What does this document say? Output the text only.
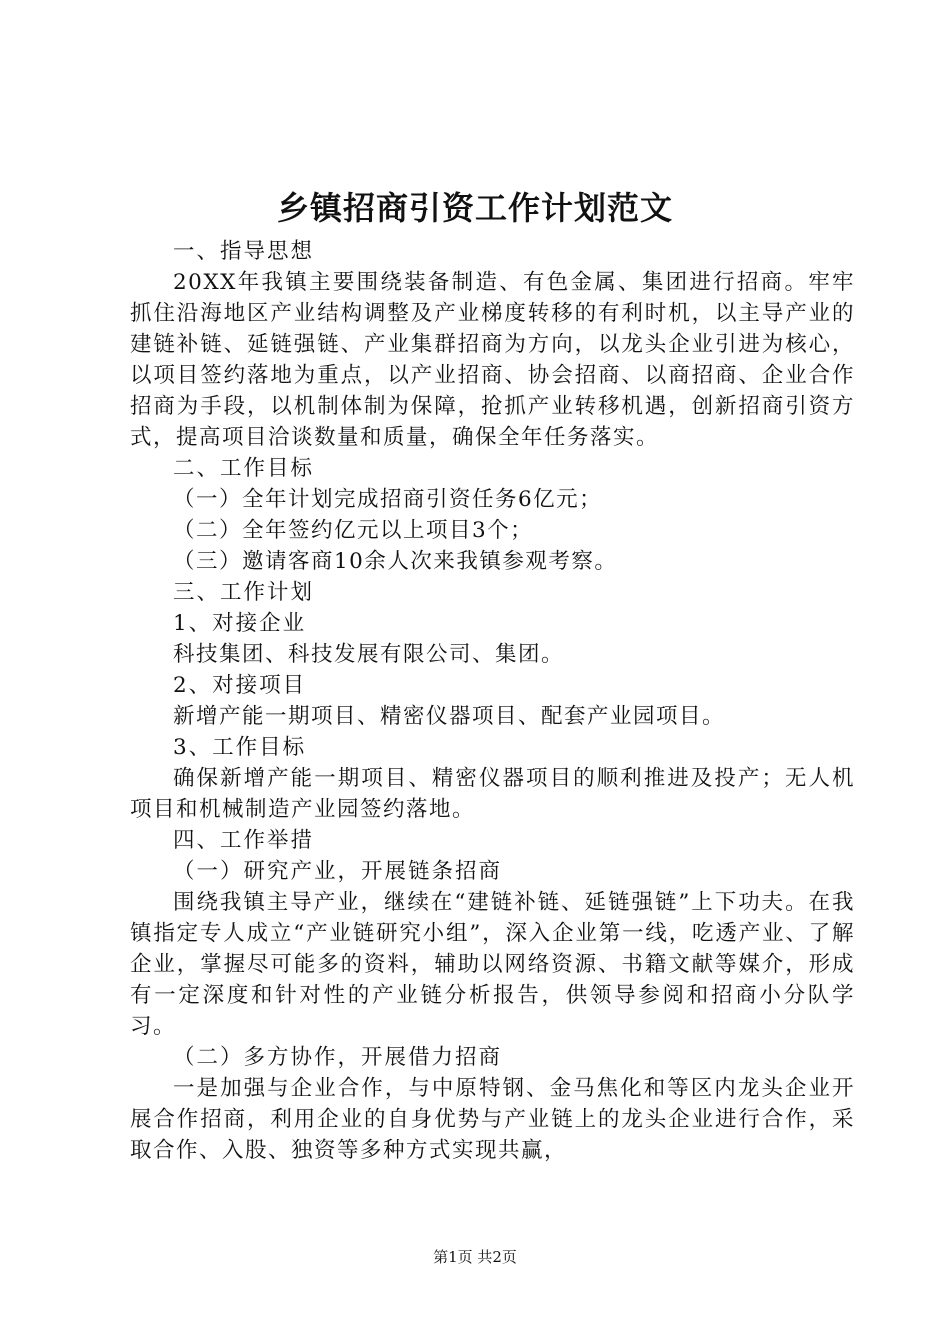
乡镇招商引资工作计划范文

一、指导思想

20XX年我镇主要围绕装备制造、有色金属、集团进行招商。牢牢抓住沿海地区产业结构调整及产业梯度转移的有利时机，以主导产业的建链补链、延链强链、产业集群招商为方向，以龙头企业引进为核心，以项目签约落地为重点，以产业招商、协会招商、以商招商、企业合作招商为手段，以机制体制为保障，抢抓产业转移机遇，创新招商引资方式，提高项目洽谈数量和质量，确保全年任务落实。

二、工作目标

（一）全年计划完成招商引资任务6亿元；

（二）全年签约亿元以上项目3个；

（三）邀请客商10余人次来我镇参观考察。

三、工作计划

1、对接企业

科技集团、科技发展有限公司、集团。

2、对接项目

新增产能一期项目、精密仪器项目、配套产业园项目。

3、工作目标

确保新增产能一期项目、精密仪器项目的顺利推进及投产；无人机项目和机械制造产业园签约落地。

四、工作举措

（一）研究产业，开展链条招商

围绕我镇主导产业，继续在“建链补链、延链强链”上下功夫。在我镇指定专人成立“产业链研究小组”，深入企业第一线，吃透产业、了解企业，掌握尽可能多的资料，辅助以网络资源、书籍文献等媒介，形成有一定深度和针对性的产业链分析报告，供领导参阅和招商小分队学习。

（二）多方协作，开展借力招商

一是加强与企业合作，与中原特钢、金马焦化和等区内龙头企业开展合作招商，利用企业的自身优势与产业链上的龙头企业进行合作，采取合作、入股、独资等多种方式实现共赢，

第1页 共2页
